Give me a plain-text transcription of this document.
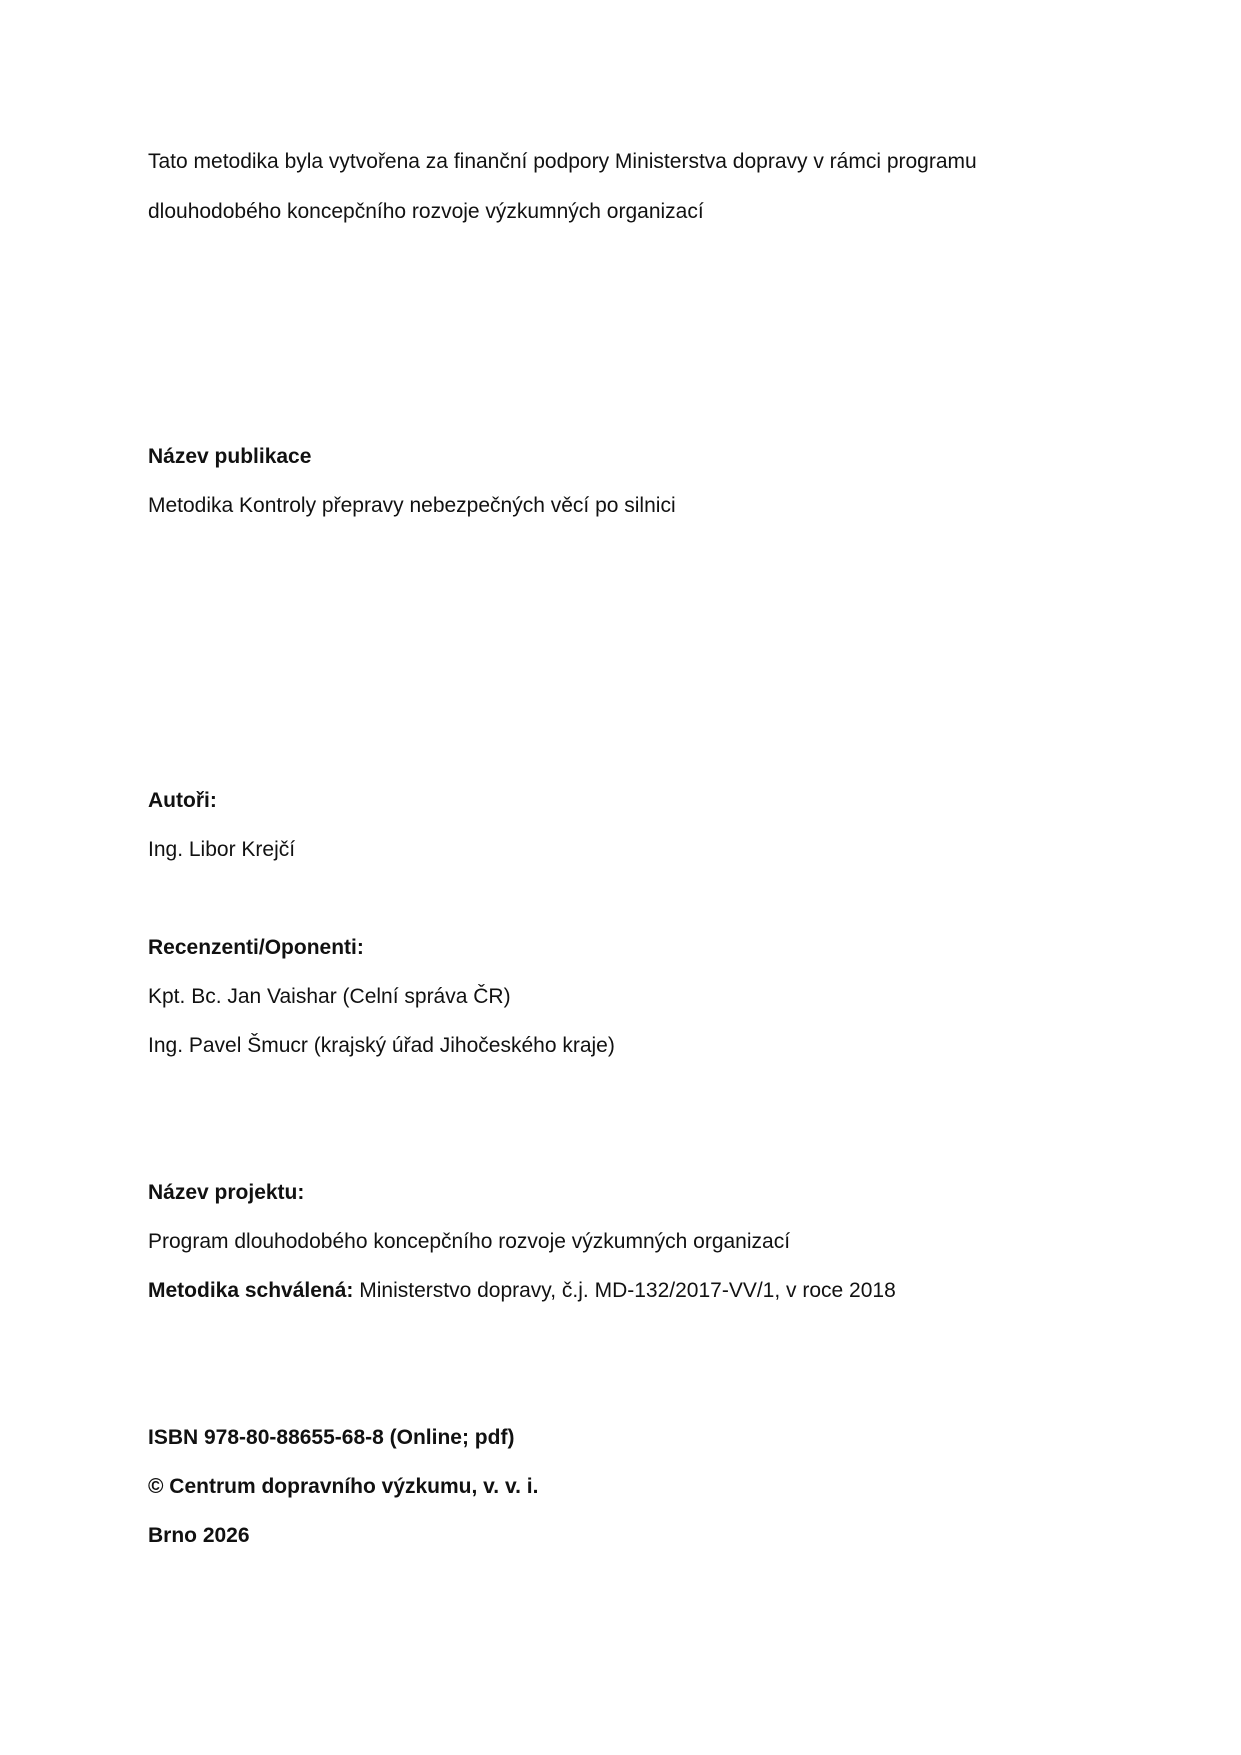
Tato metodika byla vytvořena za finanční podpory Ministerstva dopravy v rámci programu

dlouhodobého koncepčního rozvoje výzkumných organizací

Název publikace

Metodika Kontroly přepravy nebezpečných věcí po silnici

Autoři:

Ing. Libor Krejčí

Recenzenti/Oponenti:

Kpt. Bc. Jan Vaishar (Celní správa ČR)

Ing. Pavel Šmucr (krajský úřad Jihočeského kraje)

Název projektu:

Program dlouhodobého koncepčního rozvoje výzkumných organizací

Metodika schválená: Ministerstvo dopravy, č.j. MD-132/2017-VV/1, v roce 2018

ISBN 978-80-88655-68-8 (Online; pdf)

© Centrum dopravního výzkumu, v. v. i.

Brno 2026
